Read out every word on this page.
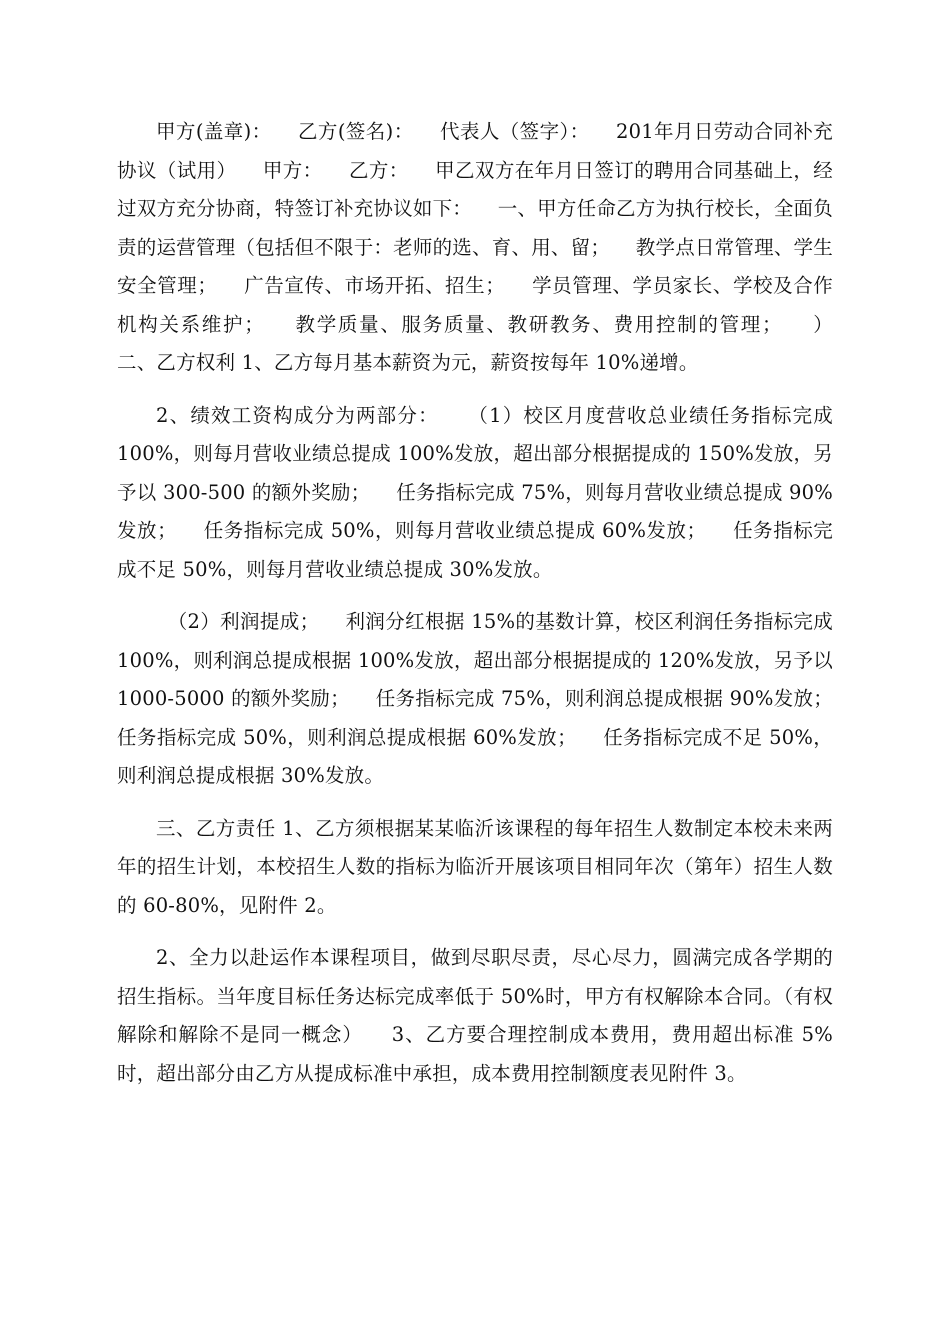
甲方(盖章)：    乙方(签名)：    代表人（签字）：    201年月日劳动合同补充协议（试用）    甲方：    乙方：    甲乙双方在年月日签订的聘用合同基础上，经过双方充分协商，特签订补充协议如下：    一、甲方任命乙方为执行校长，全面负责的运营管理（包括但不限于：老师的选、育、用、留；    教学点日常管理、学生安全管理；    广告宣传、市场开拓、招生；    学员管理、学员家长、学校及合作机构关系维护；    教学质量、服务质量、教研教务、费用控制的管理；    ）    二、乙方权利 1、乙方每月基本薪资为元，薪资按每年 10%递增。

2、绩效工资构成分为两部分：    （1）校区月度营收总业绩任务指标完成 100%，则每月营收业绩总提成 100%发放，超出部分根据提成的 150%发放，另予以 300-500 的额外奖励；    任务指标完成 75%，则每月营收业绩总提成 90%发放；    任务指标完成 50%，则每月营收业绩总提成 60%发放；    任务指标完成不足 50%，则每月营收业绩总提成 30%发放。

（2）利润提成；    利润分红根据 15%的基数计算，校区利润任务指标完成 100%，则利润总提成根据 100%发放，超出部分根据提成的 120%发放，另予以 1000-5000 的额外奖励；    任务指标完成 75%，则利润总提成根据 90%发放；    任务指标完成 50%，则利润总提成根据 60%发放；    任务指标完成不足 50%，则利润总提成根据 30%发放。

三、乙方责任 1、乙方须根据某某临沂该课程的每年招生人数制定本校未来两年的招生计划，本校招生人数的指标为临沂开展该项目相同年次（第年）招生人数的 60-80%，见附件 2。

2、全力以赴运作本课程项目，做到尽职尽责，尽心尽力，圆满完成各学期的招生指标。当年度目标任务达标完成率低于 50%时，甲方有权解除本合同。（有权解除和解除不是同一概念）    3、乙方要合理控制成本费用，费用超出标准 5%时，超出部分由乙方从提成标准中承担，成本费用控制额度表见附件 3。
